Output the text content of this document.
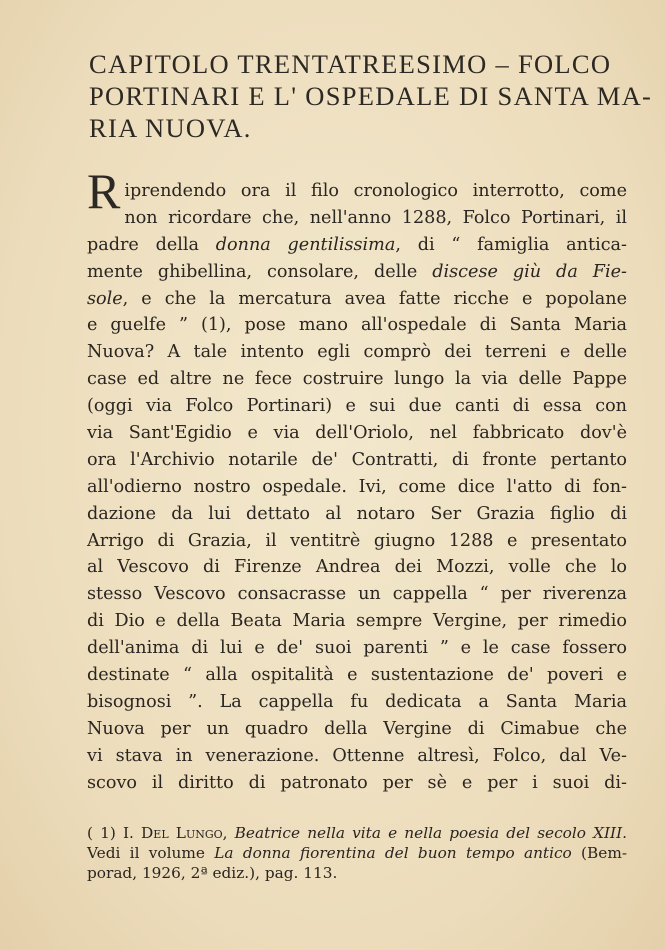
CAPITOLO TRENTATREESIMO – FOLCO
PORTINARI E L' OSPEDALE DI SANTA MA-
RIA NUOVA.
R iprendendo ora il filo cronologico interrotto, come
non ricordare che, nell'anno 1288, Folco Portinari, il
padre della donna gentilissima, di “ famiglia antica-
mente ghibellina, consolare, delle discese giù da Fie-
sole, e che la mercatura avea fatte ricche e popolane
e guelfe ” (1), pose mano all'ospedale di Santa Maria
Nuova? A tale intento egli comprò dei terreni e delle
case ed altre ne fece costruire lungo la via delle Pappe
(oggi via Folco Portinari) e sui due canti di essa con
via Sant'Egidio e via dell'Oriolo, nel fabbricato dov'è
ora l'Archivio notarile de' Contratti, di fronte pertanto
all'odierno nostro ospedale. Ivi, come dice l'atto di fon-
dazione da lui dettato al notaro Ser Grazia figlio di
Arrigo di Grazia, il ventitrè giugno 1288 e presentato
al Vescovo di Firenze Andrea dei Mozzi, volle che lo
stesso Vescovo consacrasse un cappella “ per riverenza
di Dio e della Beata Maria sempre Vergine, per rimedio
dell'anima di lui e de' suoi parenti ” e le case fossero
destinate “ alla ospitalità e sustentazione de' poveri e
bisognosi ”. La cappella fu dedicata a Santa Maria
Nuova per un quadro della Vergine di Cimabue che
vi stava in venerazione. Ottenne altresì, Folco, dal Ve-
scovo il diritto di patronato per sè e per i suoi di-
( 1) I. Del Lungo, Beatrice nella vita e nella poesia del secolo XIII.
Vedi il volume La donna fiorentina del buon tempo antico (Bem-
porad, 1926, 2ª ediz.), pag. 113.
